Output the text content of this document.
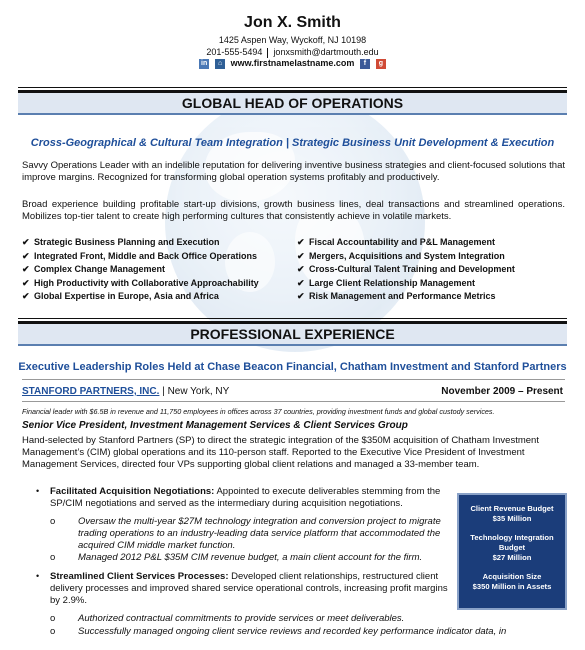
Jon X. Smith
1425 Aspen Way, Wyckoff, NJ 10198
201-555-5494 jonxsmith@dartmouth.edu
in ⌂ www.firstnamelastname.com f g
GLOBAL HEAD OF OPERATIONS
Cross-Geographical & Cultural Team Integration | Strategic Business Unit Development & Execution
Savvy Operations Leader with an indelible reputation for delivering inventive business strategies and client-focused solutions that improve margins. Recognized for transforming global operation systems profitably and productively.
Broad experience building profitable start-up divisions, growth business lines, deal transactions and streamlined operations. Mobilizes top-tier talent to create high performing cultures that consistently achieve in volatile markets.
✔ Strategic Business Planning and Execution
✔ Integrated Front, Middle and Back Office Operations
✔ Complex Change Management
✔ High Productivity with Collaborative Approachability
✔ Global Expertise in Europe, Asia and Africa
✔ Fiscal Accountability and P&L Management
✔ Mergers, Acquisitions and System Integration
✔ Cross-Cultural Talent Training and Development
✔ Large Client Relationship Management
✔ Risk Management and Performance Metrics
PROFESSIONAL EXPERIENCE
Executive Leadership Roles Held at Chase Beacon Financial, Chatham Investment and Stanford Partners
STANFORD PARTNERS, INC. | New York, NY	November 2009 – Present
Financial leader with $6.5B in revenue and 11,750 employees in offices across 37 countries, providing investment funds and global custody services.
Senior Vice President, Investment Management Services & Client Services Group
Hand-selected by Stanford Partners (SP) to direct the strategic integration of the $350M acquisition of Chatham Investment Management’s (CIM) global operations and its 110-person staff. Reported to the Executive Vice President of Investment Management Services, directed four VPs supporting global client relations and managed a 33-member team.
• Facilitated Acquisition Negotiations: Appointed to execute deliverables stemming from the SP/CIM negotiations and served as the intermediary during acquisition negotiations.
o Oversaw the multi-year $27M technology integration and conversion project to migrate trading operations to an industry-leading data service platform that accommodated the acquired CIM middle market function.
o Managed 2012 P&L $35M CIM revenue budget, a main client account for the firm.
• Streamlined Client Services Processes: Developed client relationships, restructured client delivery processes and improved shared service operational controls, increasing profit margins by 2.9%.
o Authorized contractual commitments to provide services or meet deliverables.
o Successfully managed ongoing client service reviews and recorded key performance indicator data, in
Client Revenue Budget
$35 Million
Technology Integration Budget
$27 Million
Acquisition Size
$350 Million in Assets
